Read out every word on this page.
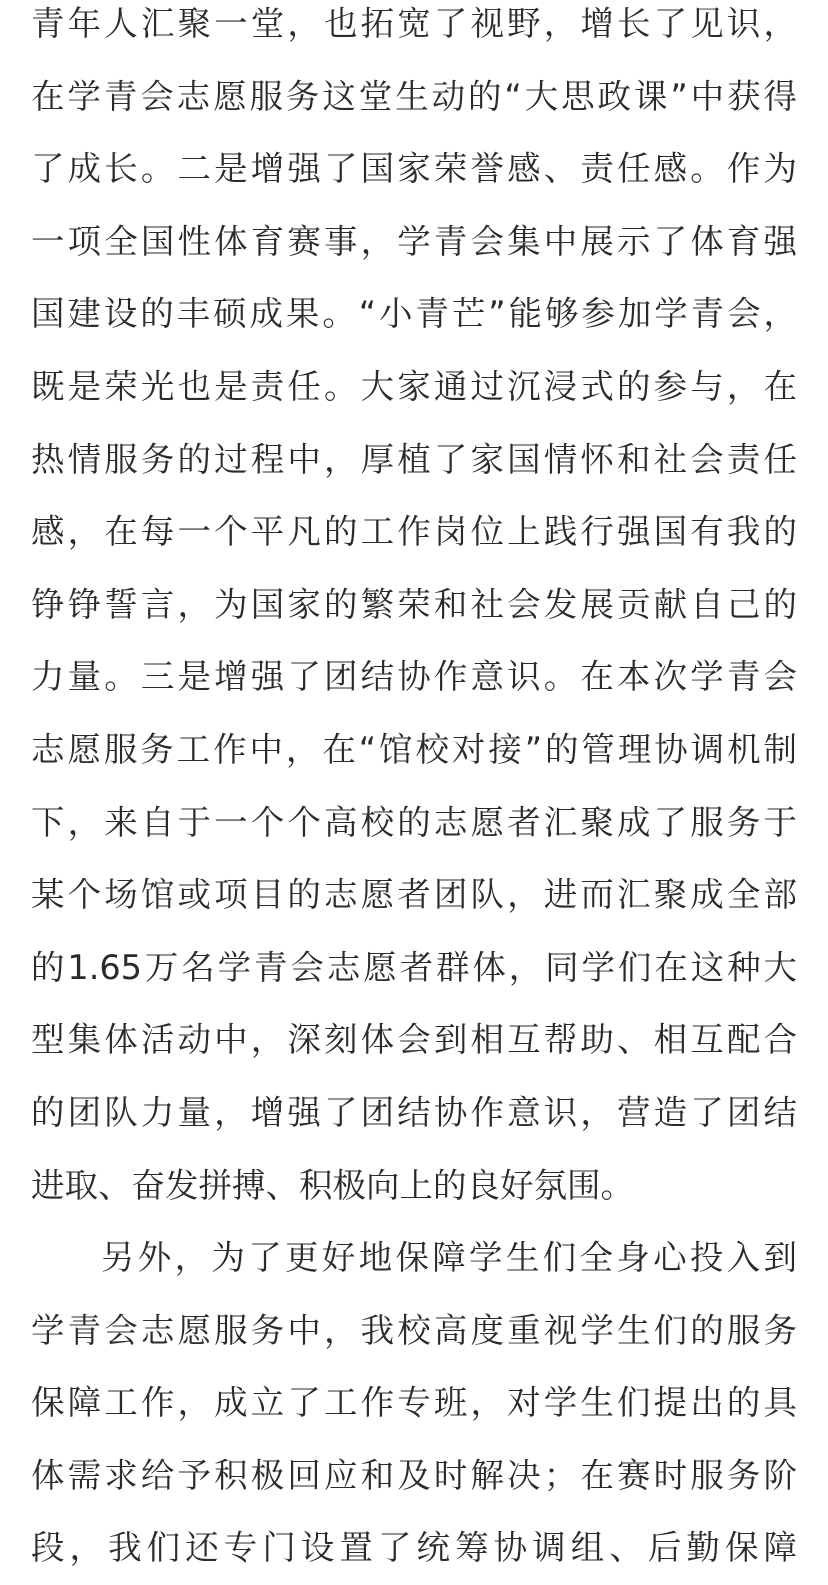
青年人汇聚一堂，也拓宽了视野，增长了见识，
在学青会志愿服务这堂生动的“大思政课”中获得
了成长。二是增强了国家荣誉感、责任感。作为
一项全国性体育赛事，学青会集中展示了体育强
国建设的丰硕成果。“小青芒”能够参加学青会，
既是荣光也是责任。大家通过沉浸式的参与，在
热情服务的过程中，厚植了家国情怀和社会责任
感，在每一个平凡的工作岗位上践行强国有我的
铮铮誓言，为国家的繁荣和社会发展贡献自己的
力量。三是增强了团结协作意识。在本次学青会
志愿服务工作中，在“馆校对接”的管理协调机制
下，来自于一个个高校的志愿者汇聚成了服务于
某个场馆或项目的志愿者团队，进而汇聚成全部
的1.65万名学青会志愿者群体，同学们在这种大
型集体活动中，深刻体会到相互帮助、相互配合
的团队力量，增强了团结协作意识，营造了团结
进取、奋发拼搏、积极向上的良好氛围。
另外，为了更好地保障学生们全身心投入到
学青会志愿服务中，我校高度重视学生们的服务
保障工作，成立了工作专班，对学生们提出的具
体需求给予积极回应和及时解决；在赛时服务阶
段，我们还专门设置了统筹协调组、后勤保障
